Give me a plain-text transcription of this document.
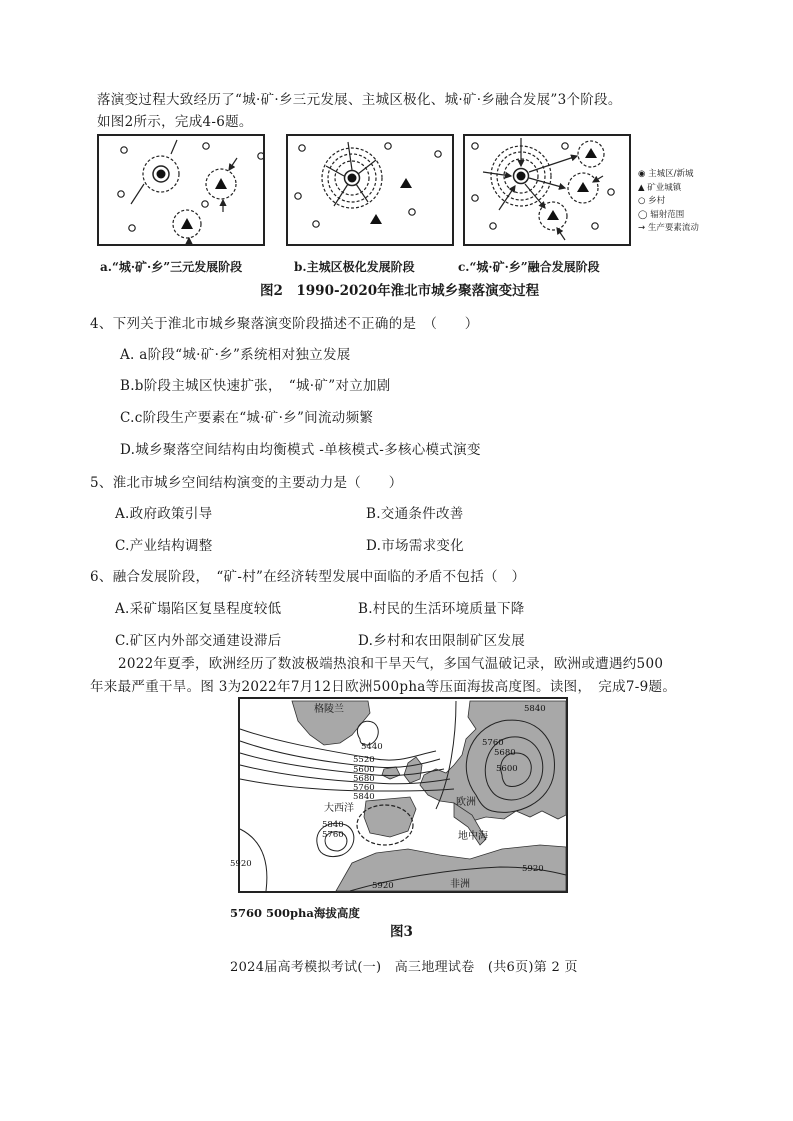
落演变过程大致经历了“城·矿·乡三元发展、主城区极化、城·矿·乡融合发展”3个阶段。
如图2所示，完成4-6题。
◉ 主城区/新城
▲ 矿业城镇
○ 乡村
◯ 辐射范围
→ 生产要素流动
a.“城·矿·乡”三元发展阶段	b.主城区极化发展阶段	c.“城·矿·乡”融合发展阶段
图2　1990-2020年淮北市城乡聚落演变过程
4、下列关于淮北市城乡聚落演变阶段描述不正确的是　（　　）
A. a阶段“城·矿·乡”系统相对独立发展
B.b阶段主城区快速扩张，　“城·矿”对立加剧
C.c阶段生产要素在“城·矿·乡”间流动频繁
D.城乡聚落空间结构由均衡模式 -单核模式-多核心模式演变
5、淮北市城乡空间结构演变的主要动力是（　　）
A.政府政策引导	B.交通条件改善
C.产业结构调整	D.市场需求变化
6、融合发展阶段，　“矿-村”在经济转型发展中面临的矛盾不包括（　）
A.采矿塌陷区复垦程度较低	B.村民的生活环境质量下降
C.矿区内外部交通建设滞后	D.乡村和农田限制矿区发展
2022年夏季，欧洲经历了数波极端热浪和干旱天气，多国气温破记录，欧洲或遭遇约500
年来最严重干旱。图 3为2022年7月12日欧洲500pha等压面海拔高度图。读图，　完成7-9题。
5440
5520
5600
5680
5760
5840
5840
5760
5680
5600
5840
5760
5920
5920
5920
格陵兰
大西洋
欧洲
地中海
非洲
5760 500pha海拔高度
图3
2024届高考模拟考试(一)　高三地理试卷　(共6页)第 2 页
